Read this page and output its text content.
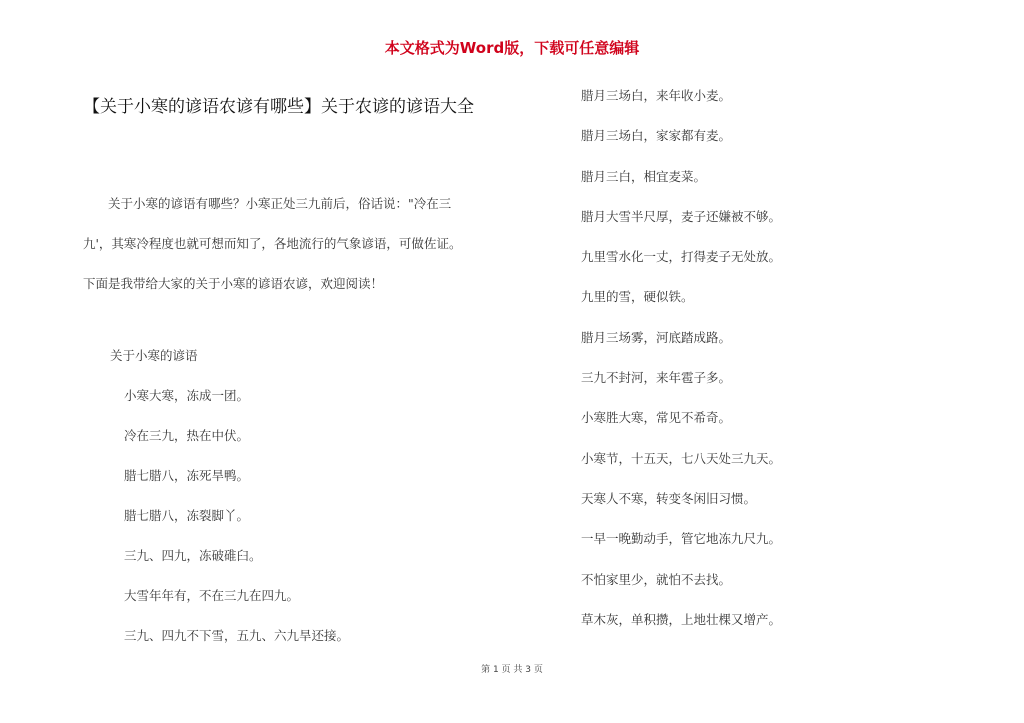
本文格式为Word版，下载可任意编辑
【关于小寒的谚语农谚有哪些】关于农谚的谚语大全

　　关于小寒的谚语有哪些？小寒正处三九前后，俗话说："冷在三

九'，其寒冷程度也就可想而知了，各地流行的气象谚语，可做佐证。

下面是我带给大家的关于小寒的谚语农谚，欢迎阅读！

关于小寒的谚语
小寒大寒，冻成一团。
冷在三九，热在中伏。
腊七腊八，冻死旱鸭。
腊七腊八，冻裂脚丫。
三九、四九，冻破碓臼。
大雪年年有，不在三九在四九。
三九、四九不下雪，五九、六九旱还接。
腊月三场白，来年收小麦。
腊月三场白，家家都有麦。
腊月三白，相宜麦菜。
腊月大雪半尺厚，麦子还嫌被不够。
九里雪水化一丈，打得麦子无处放。
九里的雪，硬似铁。
腊月三场雾，河底踏成路。
三九不封河，来年雹子多。
小寒胜大寒，常见不希奇。
小寒节，十五天，七八天处三九天。
天寒人不寒，转变冬闲旧习惯。
一早一晚勤动手，管它地冻九尺九。
不怕家里少，就怕不去找。
草木灰，单积攒，上地壮棵又增产。
第 1 页 共 3 页
